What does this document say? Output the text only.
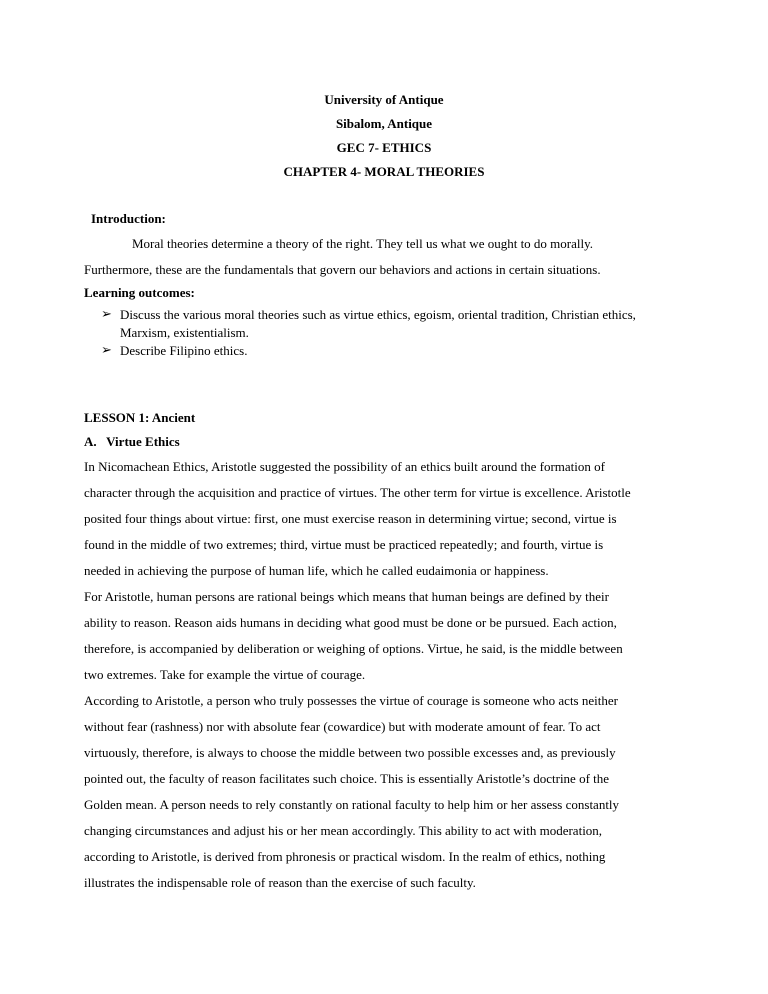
University of Antique
Sibalom, Antique
GEC 7- ETHICS
CHAPTER 4- MORAL THEORIES
Introduction:
Moral theories determine a theory of the right. They tell us what we ought to do morally.
Furthermore, these are the fundamentals that govern our behaviors and actions in certain situations.
Learning outcomes:
➢ Discuss the various moral theories such as virtue ethics, egoism, oriental tradition, Christian ethics, Marxism, existentialism.
➢ Describe Filipino ethics.
LESSON 1: Ancient
A.   Virtue Ethics
In Nicomachean Ethics, Aristotle suggested the possibility of an ethics built around the formation of
character through the acquisition and practice of virtues. The other term for virtue is excellence. Aristotle
posited four things about virtue: first, one must exercise reason in determining virtue; second, virtue is
found in the middle of two extremes; third, virtue must be practiced repeatedly; and fourth, virtue is
needed in achieving the purpose of human life, which he called eudaimonia or happiness.
For Aristotle, human persons are rational beings which means that human beings are defined by their
ability to reason. Reason aids humans in deciding what good must be done or be pursued. Each action,
therefore, is accompanied by deliberation or weighing of options. Virtue, he said, is the middle between
two extremes. Take for example the virtue of courage.
According to Aristotle, a person who truly possesses the virtue of courage is someone who acts neither
without fear (rashness) nor with absolute fear (cowardice) but with moderate amount of fear. To act
virtuously, therefore, is always to choose the middle between two possible excesses and, as previously
pointed out, the faculty of reason facilitates such choice. This is essentially Aristotle’s doctrine of the
Golden mean. A person needs to rely constantly on rational faculty to help him or her assess constantly
changing circumstances and adjust his or her mean accordingly. This ability to act with moderation,
according to Aristotle, is derived from phronesis or practical wisdom. In the realm of ethics, nothing
illustrates the indispensable role of reason than the exercise of such faculty.
